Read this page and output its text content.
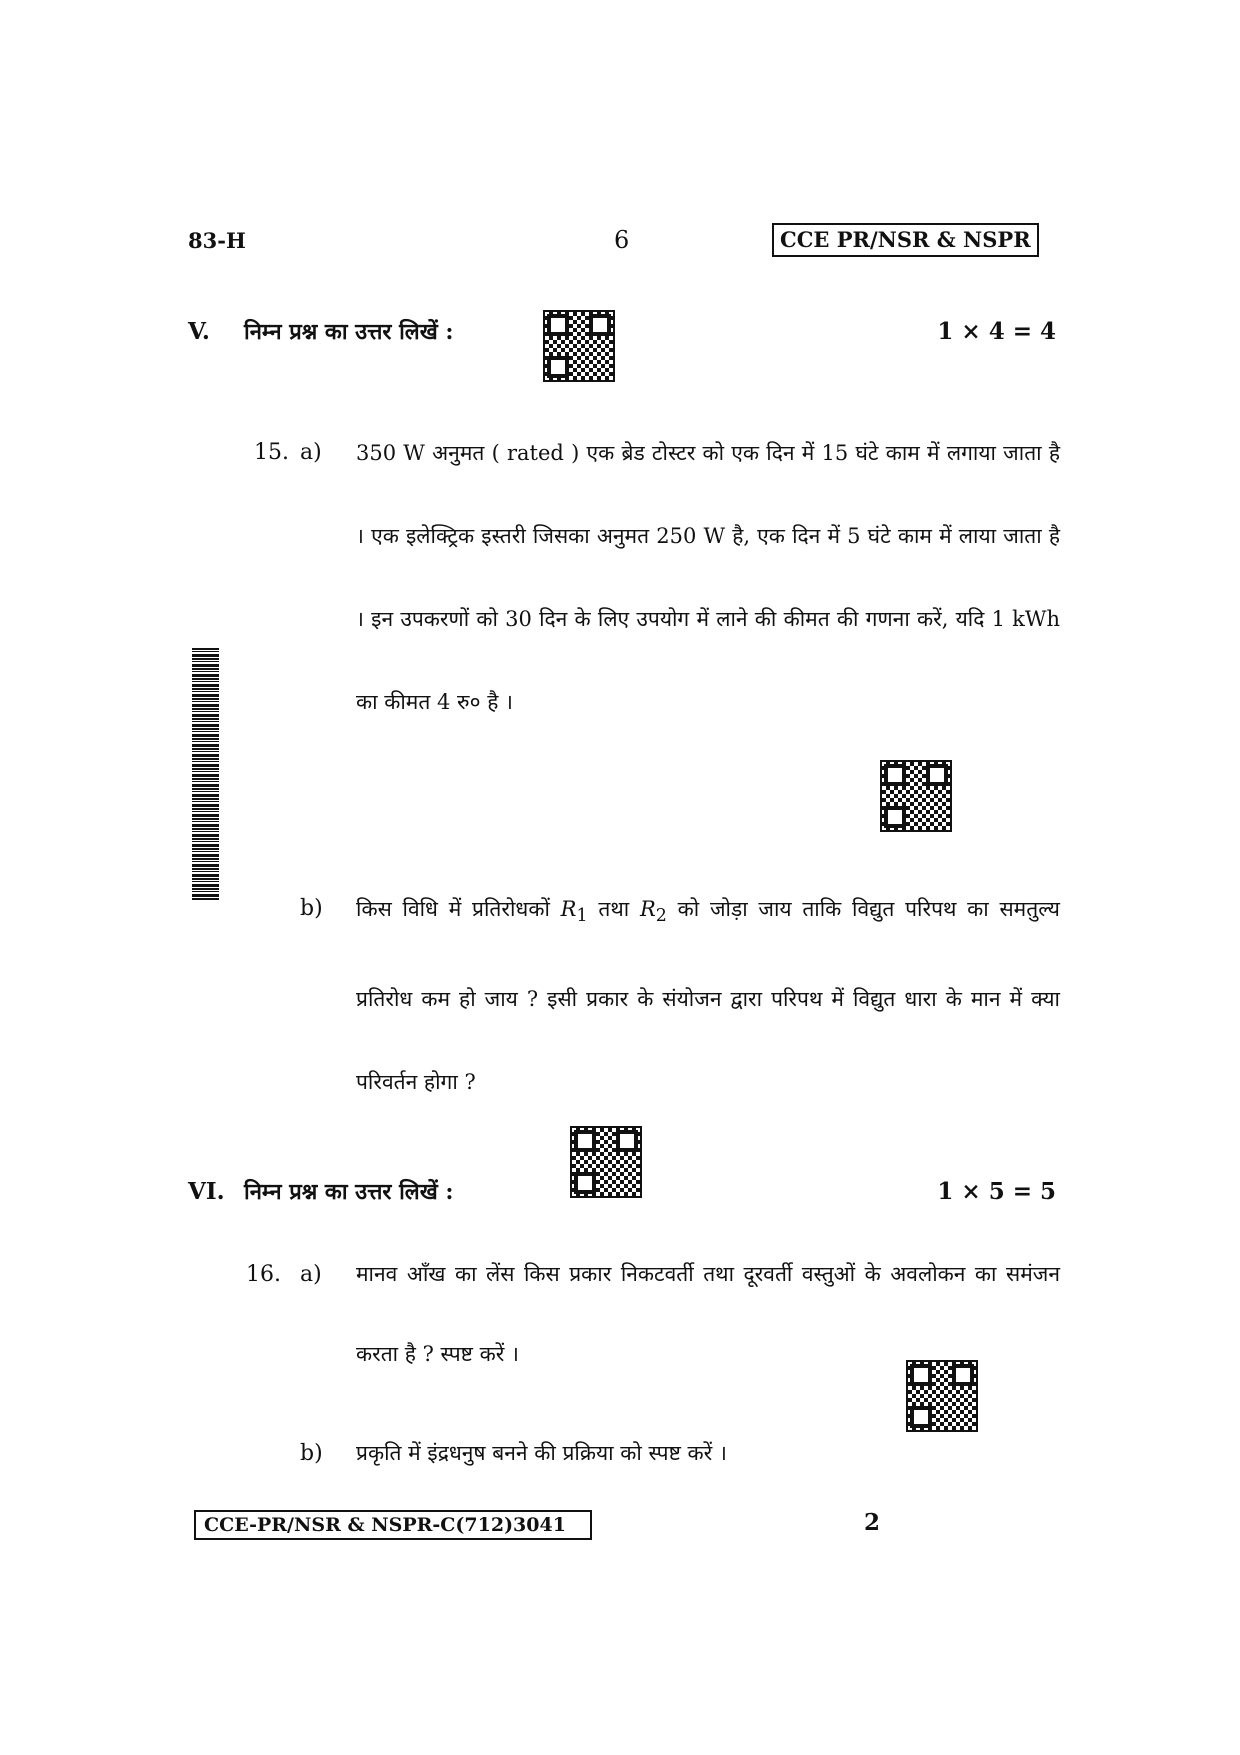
83-H	6	CCE PR/NSR & NSPR
V. निम्न प्रश्न का उत्तर लिखें :	1 × 4 = 4
15. a) 350 W अनुमत ( rated ) एक ब्रेड टोस्टर को एक दिन में 15 घंटे काम में लगाया जाता है । एक इलेक्ट्रिक इस्तरी जिसका अनुमत 250 W है, एक दिन में 5 घंटे काम में लाया जाता है । इन उपकरणों को 30 दिन के लिए उपयोग में लाने की कीमत की गणना करें, यदि 1 kWh का कीमत 4 रु० है ।
b) किस विधि में प्रतिरोधकों $R_1$ तथा $R_2$ को जोड़ा जाय ताकि विद्युत परिपथ का समतुल्य प्रतिरोध कम हो जाय ? इसी प्रकार के संयोजन द्वारा परिपथ में विद्युत धारा के मान में क्या परिवर्तन होगा ?
VI. निम्न प्रश्न का उत्तर लिखें :	1 × 5 = 5
16. a) मानव आँख का लेंस किस प्रकार निकटवर्ती तथा दूरवर्ती वस्तुओं के अवलोकन का समंजन करता है ? स्पष्ट करें ।
b) प्रकृति में इंद्रधनुष बनने की प्रक्रिया को स्पष्ट करें ।
CCE-PR/NSR & NSPR-C(712)3041	2
